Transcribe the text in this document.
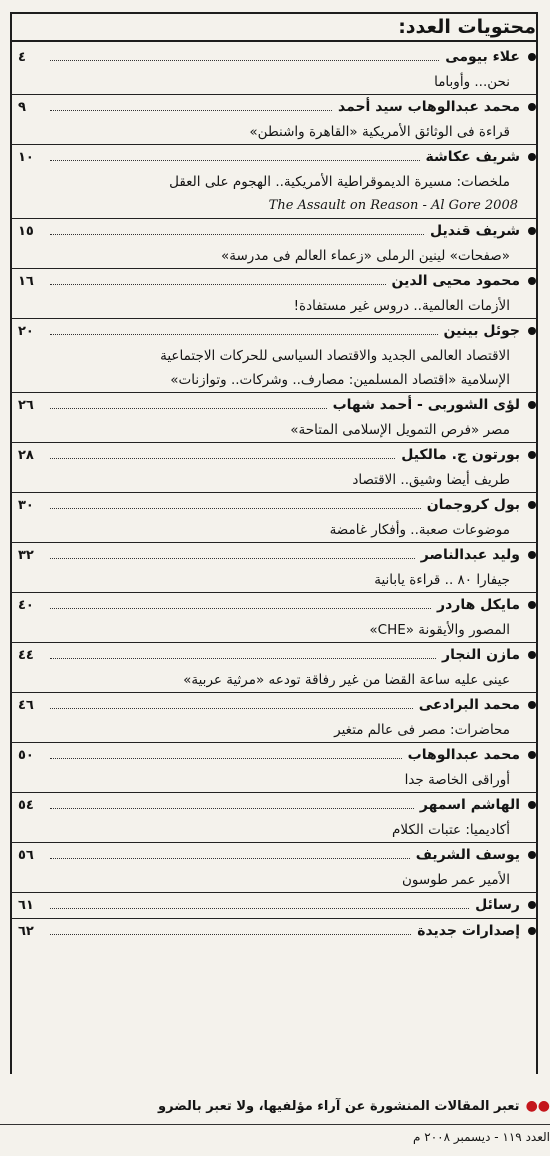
محتويات العدد:
علاء بيومى
٤
نحن... وأوباما
محمد عبدالوهاب سيد أحمد
٩
قراءة فى الوثائق الأمريكية «القاهرة واشنطن»
شريف عكاشة
١٠
ملخصات: مسيرة الديموقراطية الأمريكية.. الهجوم على العقل
The Assault on Reason - Al Gore 2008
شريف قنديل
١٥
«صفحات» لينين الرملى «زعماء العالم فى مدرسة»
محمود محيى الدين
١٦
الأزمات العالمية.. دروس غير مستفادة!
جوئل بينين
٢٠
الاقتصاد العالمى الجديد والاقتصاد السياسى للحركات الاجتماعية
الإسلامية «اقتصاد المسلمين: مصارف.. وشركات.. وتوازنات»
لؤى الشوربى - أحمد شهاب
٢٦
مصر «فرص التمويل الإسلامى المتاحة»
بورتون ج. مالكيل
٢٨
طريف أيضا وشيق.. الاقتصاد
بول كروجمان
٣٠
موضوعات صعبة.. وأفكار غامضة
وليد عبدالناصر
٣٢
جيفارا ٨٠ .. قراءة يابانية
مايكل هاردر
٤٠
المصور والأيقونة «CHE»
مازن النجار
٤٤
عينى عليه ساعة القضا من غير رفاقة تودعه «مرثية عربية»
محمد البرادعى
٤٦
محاضرات: مصر فى عالم متغير
محمد عبدالوهاب
٥٠
أوراقى الخاصة جدا
الهاشم اسمهر
٥٤
أكاديميا: عتبات الكلام
يوسف الشريف
٥٦
الأمير عمر طوسون
رسائل
٦١
إصدارات جديدة
٦٢
●●
تعبر المقالات المنشورة عن آراء مؤلفيها، ولا تعبر بالضرو
العدد ١١٩ - ديسمبر ٢٠٠٨ م
